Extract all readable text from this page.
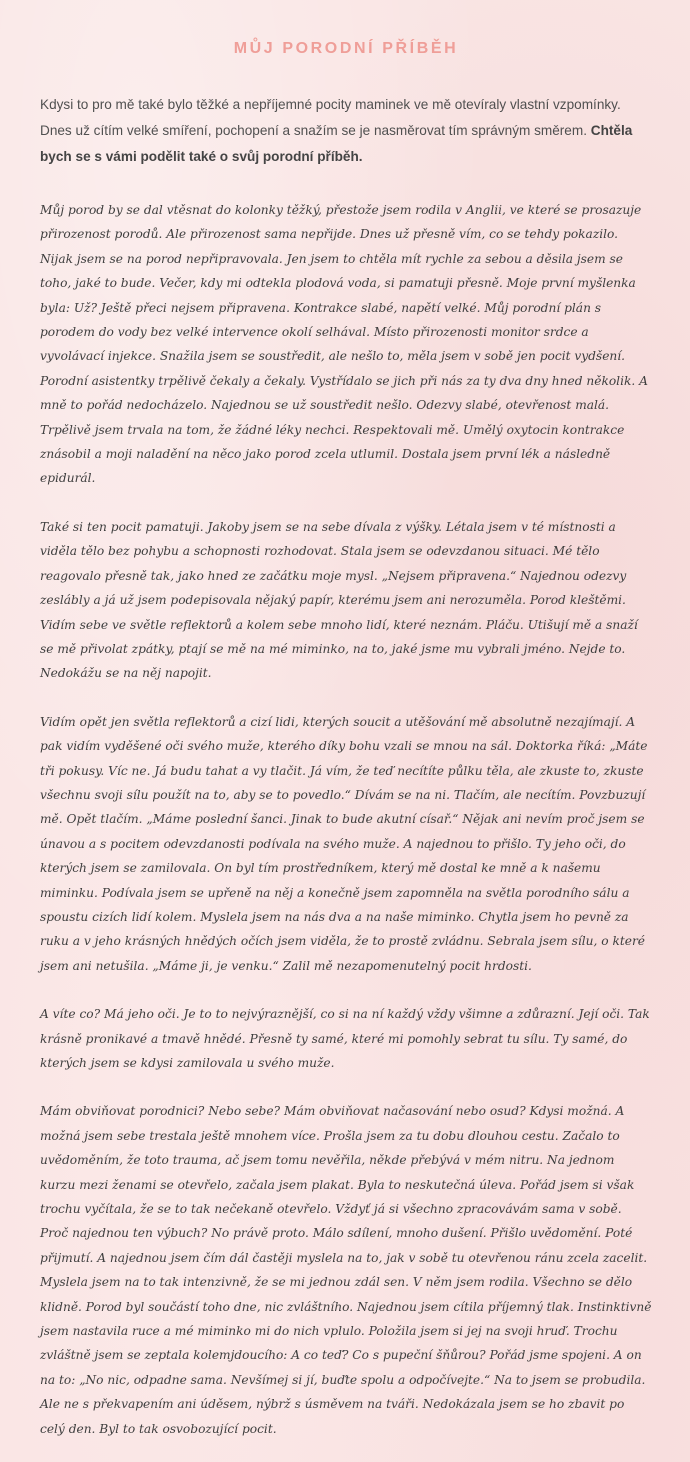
MŮJ PORODNÍ PŘÍBĚH

Kdysi to pro mě také bylo těžké a nepříjemné pocity maminek ve mě otevíraly vlastní vzpomínky. Dnes už cítím velké smíření, pochopení a snažím se je nasměrovat tím správným směrem. Chtěla bych se s vámi podělit také o svůj porodní příběh.

Můj porod by se dal vtěsnat do kolonky těžký, přestože jsem rodila v Anglii, ve které se prosazuje přirozenost porodů. Ale přirozenost sama nepřijde. Dnes už přesně vím, co se tehdy pokazilo. Nijak jsem se na porod nepřipravovala. Jen jsem to chtěla mít rychle za sebou a děsila jsem se toho, jaké to bude. Večer, kdy mi odtekla plodová voda, si pamatuji přesně. Moje první myšlenka byla: Už? Ještě přeci nejsem připravena. Kontrakce slabé, napětí velké. Můj porodní plán s porodem do vody bez velké intervence okolí selhával. Místo přirozenosti monitor srdce a vyvolávací injekce. Snažila jsem se soustředit, ale nešlo to, měla jsem v sobě jen pocit vydšení. Porodní asistentky trpělivě čekaly a čekaly. Vystřídalo se jich při nás za ty dva dny hned několik. A mně to pořád nedocházelo. Najednou se už soustředit nešlo. Odezvy slabé, otevřenost malá. Trpělivě jsem trvala na tom, že žádné léky nechci. Respektovali mě. Umělý oxytocin kontrakce znásobil a moji naladění na něco jako porod zcela utlumil. Dostala jsem první lék a následně epidurál.

Také si ten pocit pamatuji. Jakoby jsem se na sebe dívala z výšky. Létala jsem v té místnosti a viděla tělo bez pohybu a schopnosti rozhodovat. Stala jsem se odevzdanou situaci. Mé tělo reagovalo přesně tak, jako hned ze začátku moje mysl. „Nejsem připravena.“ Najednou odezvy zeslábly a já už jsem podepisovala nějaký papír, kterému jsem ani nerozuměla. Porod kleštěmi. Vidím sebe ve světle reflektorů a kolem sebe mnoho lidí, které neznám. Pláču. Utišují mě a snaží se mě přivolat zpátky, ptají se mě na mé miminko, na to, jaké jsme mu vybrali jméno. Nejde to. Nedokážu se na něj napojit.

Vidím opět jen světla reflektorů a cizí lidi, kterých soucit a utěšování mě absolutně nezajímají. A pak vidím vyděšené oči svého muže, kterého díky bohu vzali se mnou na sál. Doktorka říká: „Máte tři pokusy. Víc ne. Já budu tahat a vy tlačit. Já vím, že teď necítíte půlku těla, ale zkuste to, zkuste všechnu svoji sílu použít na to, aby se to povedlo.“ Dívám se na ni. Tlačím, ale necítím. Povzbuzují mě. Opět tlačím. „Máme poslední šanci. Jinak to bude akutní císař.“ Nějak ani nevím proč jsem se únavou a s pocitem odevzdanosti podívala na svého muže. A najednou to přišlo. Ty jeho oči, do kterých jsem se zamilovala. On byl tím prostředníkem, který mě dostal ke mně a k našemu miminku. Podívala jsem se upřeně na něj a konečně jsem zapomněla na světla porodního sálu a spoustu cizích lidí kolem. Myslela jsem na nás dva a na naše miminko. Chytla jsem ho pevně za ruku a v jeho krásných hnědých očích jsem viděla, že to prostě zvládnu. Sebrala jsem sílu, o které jsem ani netušila. „Máme ji, je venku.“ Zalil mě nezapomenutelný pocit hrdosti.

A víte co? Má jeho oči. Je to to nejvýraznější, co si na ní každý vždy všimne a zdůrazní. Její oči. Tak krásně pronikavé a tmavě hnědé. Přesně ty samé, které mi pomohly sebrat tu sílu. Ty samé, do kterých jsem se kdysi zamilovala u svého muže.

Mám obviňovat porodnici? Nebo sebe? Mám obviňovat načasování nebo osud? Kdysi možná. A možná jsem sebe trestala ještě mnohem více. Prošla jsem za tu dobu dlouhou cestu. Začalo to uvědoměním, že toto trauma, ač jsem tomu nevěřila, někde přebývá v mém nitru. Na jednom kurzu mezi ženami se otevřelo, začala jsem plakat. Byla to neskutečná úleva. Pořád jsem si však trochu vyčítala, že se to tak nečekaně otevřelo. Vždyť já si všechno zpracovávám sama v sobě. Proč najednou ten výbuch? No právě proto. Málo sdílení, mnoho dušení. Přišlo uvědomění. Poté přijmutí. A najednou jsem čím dál častěji myslela na to, jak v sobě tu otevřenou ránu zcela zacelit. Myslela jsem na to tak intenzivně, že se mi jednou zdál sen. V něm jsem rodila. Všechno se dělo klidně. Porod byl součástí toho dne, nic zvláštního. Najednou jsem cítila příjemný tlak. Instinktivně jsem nastavila ruce a mé miminko mi do nich vplulo. Položila jsem si jej na svoji hruď. Trochu zvláštně jsem se zeptala kolemjdoucího: A co teď? Co s pupeční šňůrou? Pořád jsme spojeni. A on na to: „No nic, odpadne sama. Nevšímej si jí, buďte spolu a odpočívejte.“ Na to jsem se probudila. Ale ne s překvapením ani úděsem, nýbrž s úsměvem na tváři. Nedokázala jsem se ho zbavit po celý den. Byl to tak osvobozující pocit.
